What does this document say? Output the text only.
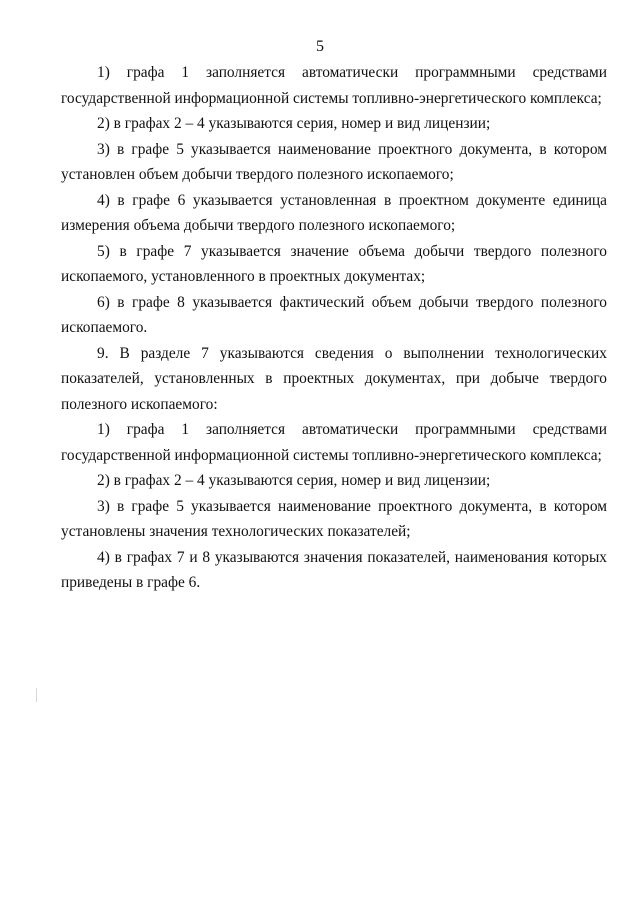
5

1) графа 1 заполняется автоматически программными средствами государственной информационной системы топливно-энергетического комплекса;

2) в графах 2 – 4 указываются серия, номер и вид лицензии;

3) в графе 5 указывается наименование проектного документа, в котором установлен объем добычи твердого полезного ископаемого;

4) в графе 6 указывается установленная в проектном документе единица измерения объема добычи твердого полезного ископаемого;

5) в графе 7 указывается значение объема добычи твердого полезного ископаемого, установленного в проектных документах;

6) в графе 8 указывается фактический объем добычи твердого полезного ископаемого.

9. В разделе 7 указываются сведения о выполнении технологических показателей, установленных в проектных документах, при добыче твердого полезного ископаемого:

1) графа 1 заполняется автоматически программными средствами государственной информационной системы топливно-энергетического комплекса;

2) в графах 2 – 4 указываются серия, номер и вид лицензии;

3) в графе 5 указывается наименование проектного документа, в котором установлены значения технологических показателей;

4) в графах 7 и 8 указываются значения показателей, наименования которых приведены в графе 6.
